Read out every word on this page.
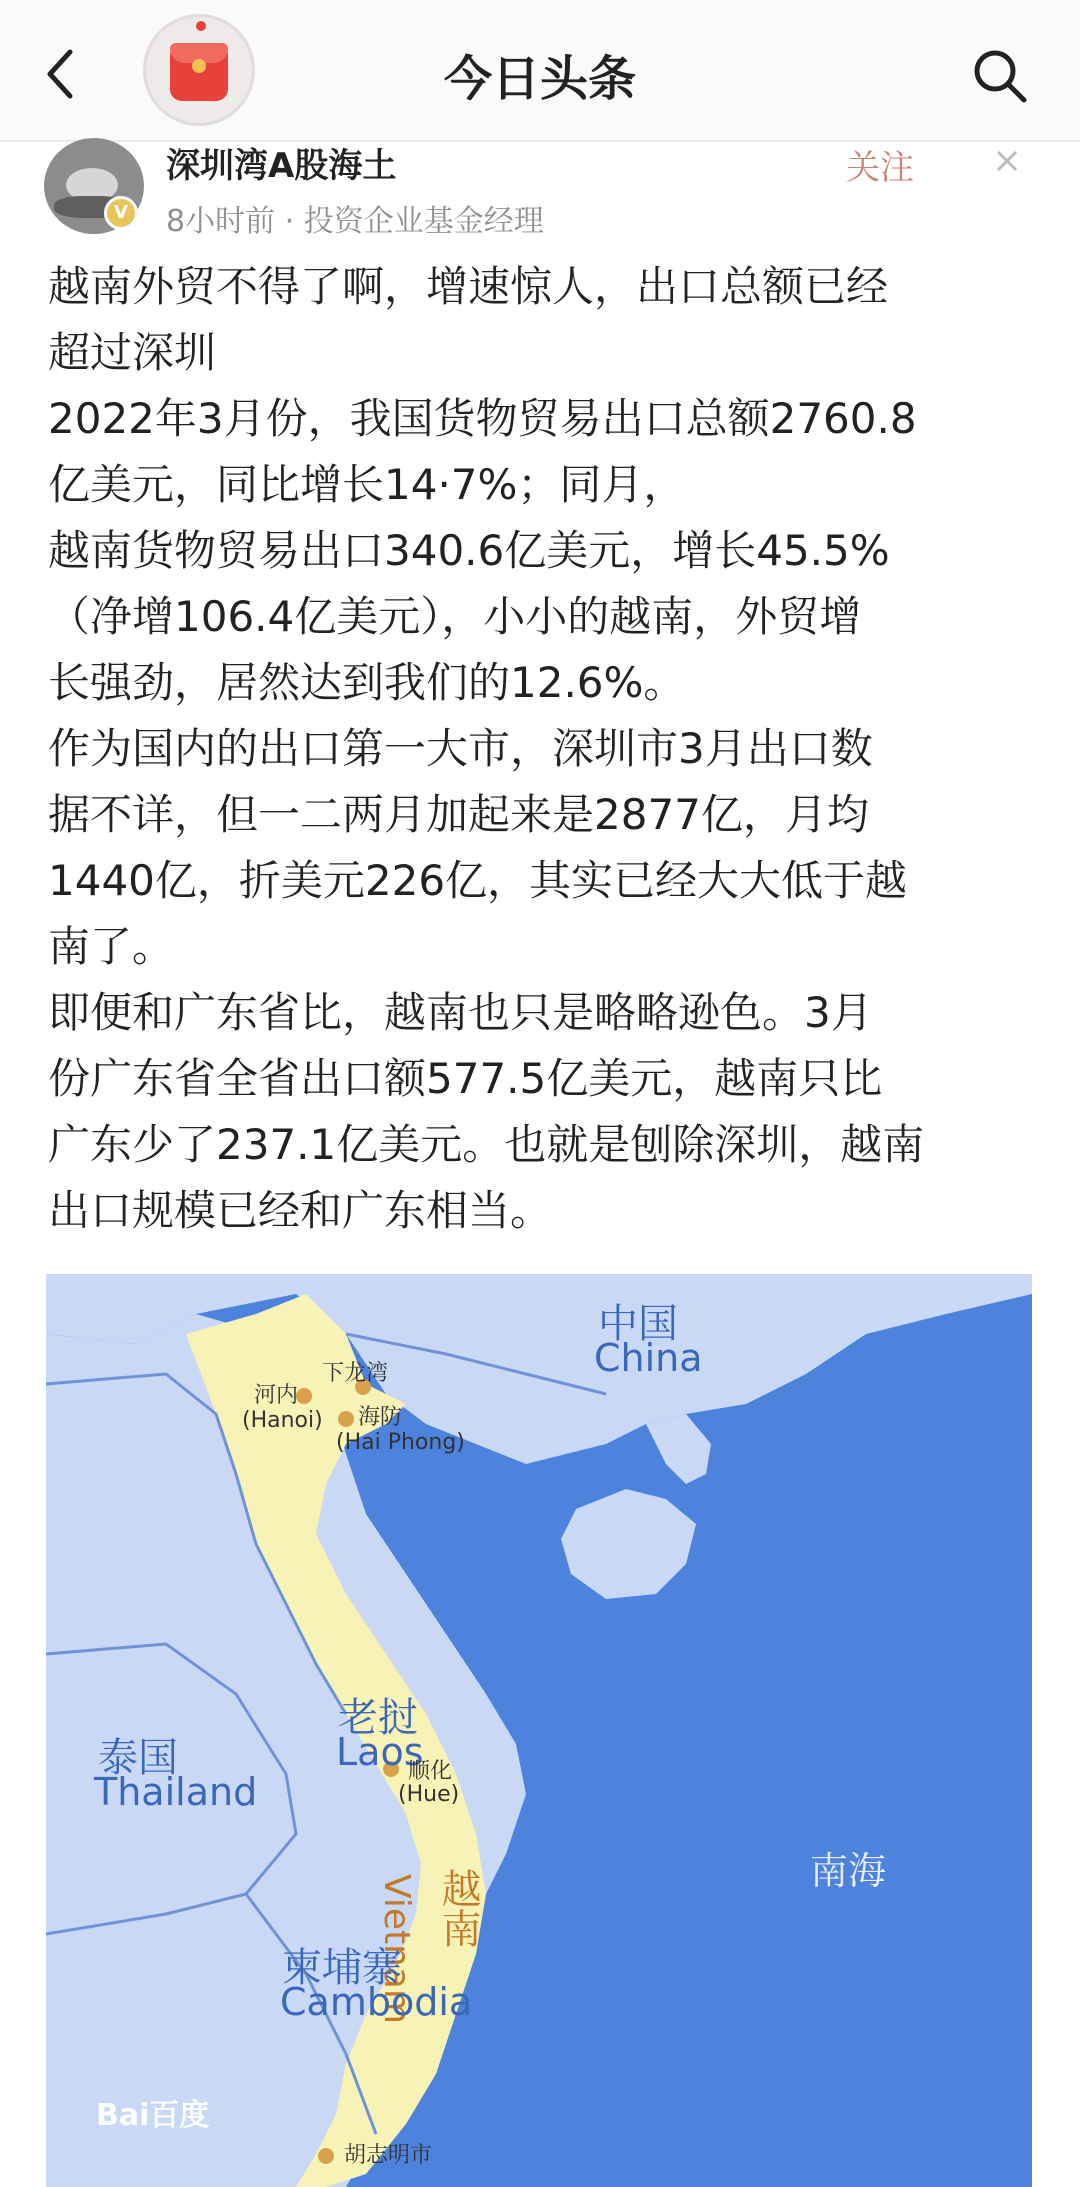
今日头条
V
深圳湾A股海土
8小时前 · 投资企业基金经理
关注

越南外贸不得了啊，增速惊人，出口总额已经
超过深圳

2022年3月份，我国货物贸易出口总额2760.8
亿美元，同比增长14·7%；同月，

越南货物贸易出口340.6亿美元，增长45.5%
（净增106.4亿美元），小小的越南，外贸增
长强劲，居然达到我们的12.6%。

作为国内的出口第一大市，深圳市3月出口数
据不详，但一二两月加起来是2877亿，月均
1440亿，折美元226亿，其实已经大大低于越
南了。

即便和广东省比，越南也只是略略逊色。3月
份广东省全省出口额577.5亿美元，越南只比
广东少了237.1亿美元。也就是刨除深圳，越南
出口规模已经和广东相当。

中国
China
下龙湾
河内
(Hanoi) 海防
(Hai Phong)
老挝
Laos
泰国
Thailand	顺化
(Hue)
南海
越南
Vietnam
柬埔寨
Cambodia
胡志明市
Bai百度
